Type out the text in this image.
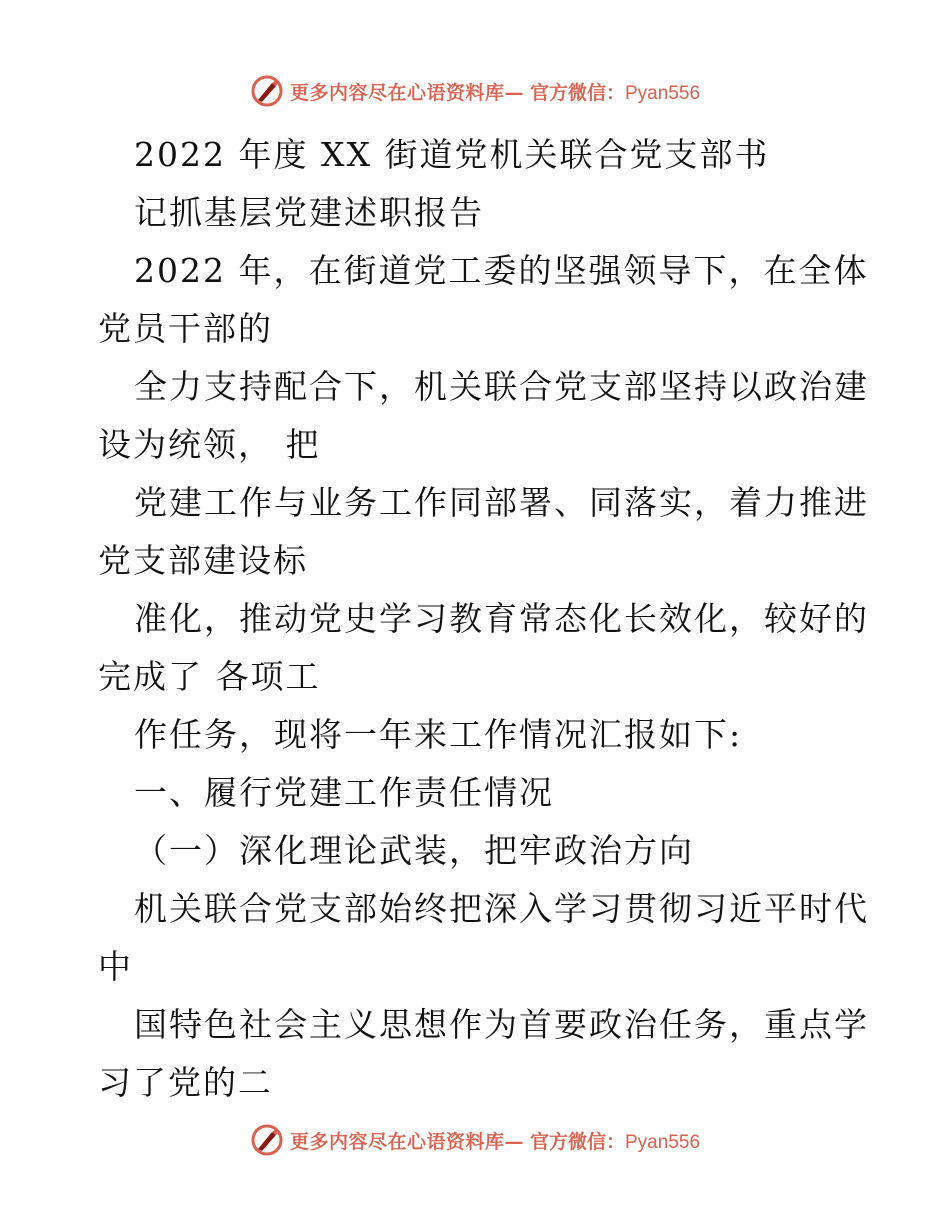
更多内容尽在心语资料库— 官方微信：Pyan556
2022 年度 XX 街道党机关联合党支部书
记抓基层党建述职报告
2022 年，在街道党工委的坚强领导下，在全体
党员干部的
全力支持配合下，机关联合党支部坚持以政治建
设为统领， 把
党建工作与业务工作同部署、同落实，着力推进
党支部建设标
准化，推动党史学习教育常态化长效化，较好的
完成了 各项工
作任务，现将一年来工作情况汇报如下:
一、履行党建工作责任情况
（一）深化理论武装，把牢政治方向
机关联合党支部始终把深入学习贯彻习近平时代
中
国特色社会主义思想作为首要政治任务，重点学
习了党的二
更多内容尽在心语资料库— 官方微信：Pyan556
